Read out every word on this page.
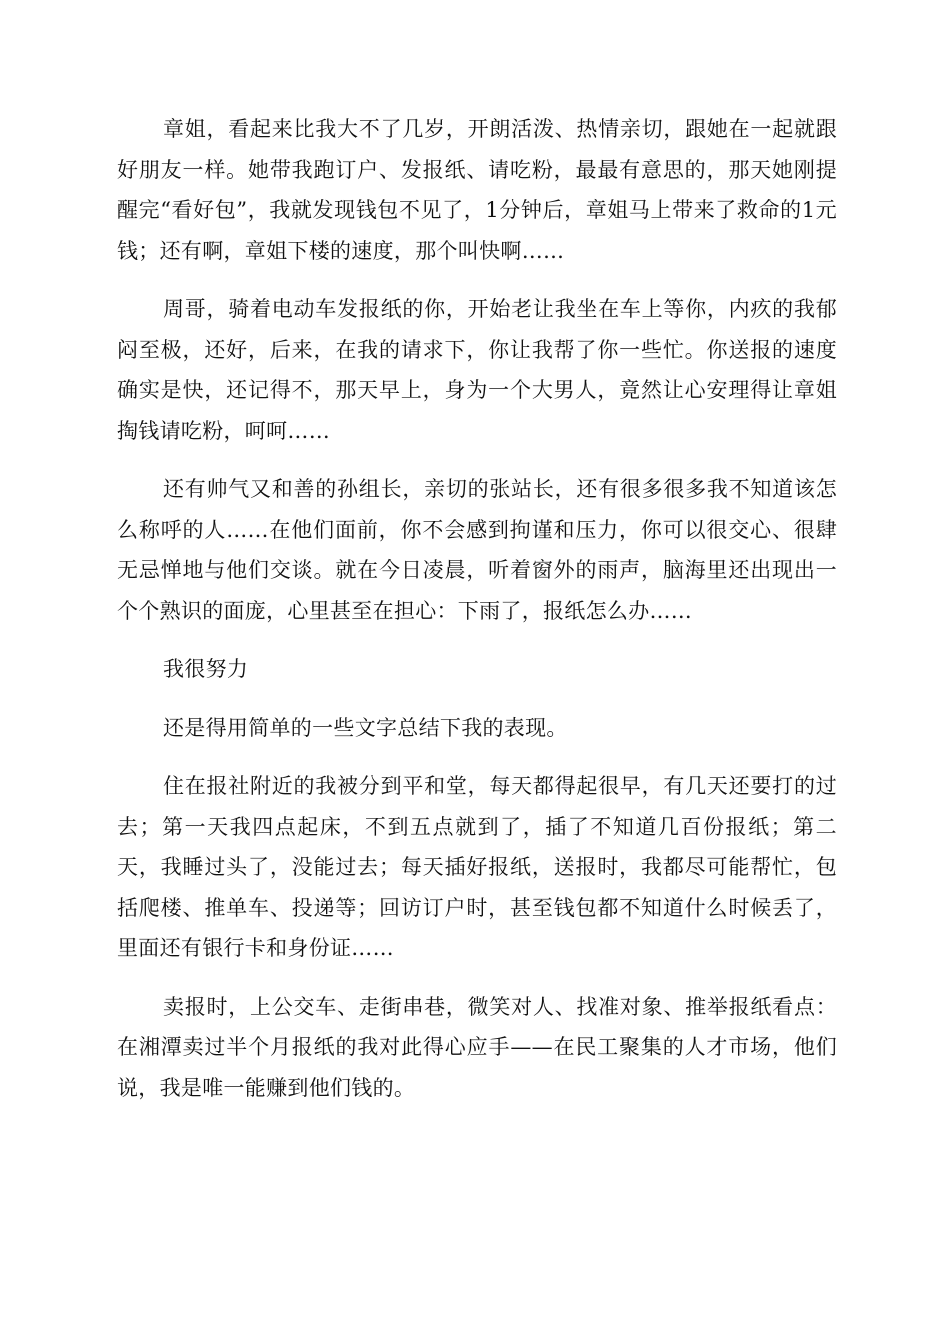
章姐，看起来比我大不了几岁，开朗活泼、热情亲切，跟她在一起就跟好朋友一样。她带我跑订户、发报纸、请吃粉，最最有意思的，那天她刚提醒完“看好包”，我就发现钱包不见了，1分钟后，章姐马上带来了救命的1元钱；还有啊，章姐下楼的速度，那个叫快啊……

周哥，骑着电动车发报纸的你，开始老让我坐在车上等你，内疚的我郁闷至极，还好，后来，在我的请求下，你让我帮了你一些忙。你送报的速度确实是快，还记得不，那天早上，身为一个大男人，竟然让心安理得让章姐掏钱请吃粉，呵呵……

还有帅气又和善的孙组长，亲切的张站长，还有很多很多我不知道该怎么称呼的人……在他们面前，你不会感到拘谨和压力，你可以很交心、很肆无忌惮地与他们交谈。就在今日凌晨，听着窗外的雨声，脑海里还出现出一个个熟识的面庞，心里甚至在担心：下雨了，报纸怎么办……

我很努力

还是得用简单的一些文字总结下我的表现。

住在报社附近的我被分到平和堂，每天都得起很早，有几天还要打的过去；第一天我四点起床，不到五点就到了，插了不知道几百份报纸；第二天，我睡过头了，没能过去；每天插好报纸，送报时，我都尽可能帮忙，包括爬楼、推单车、投递等；回访订户时，甚至钱包都不知道什么时候丢了，里面还有银行卡和身份证……

卖报时，上公交车、走街串巷，微笑对人、找准对象、推举报纸看点：在湘潭卖过半个月报纸的我对此得心应手——在民工聚集的人才市场，他们说，我是唯一能赚到他们钱的。
